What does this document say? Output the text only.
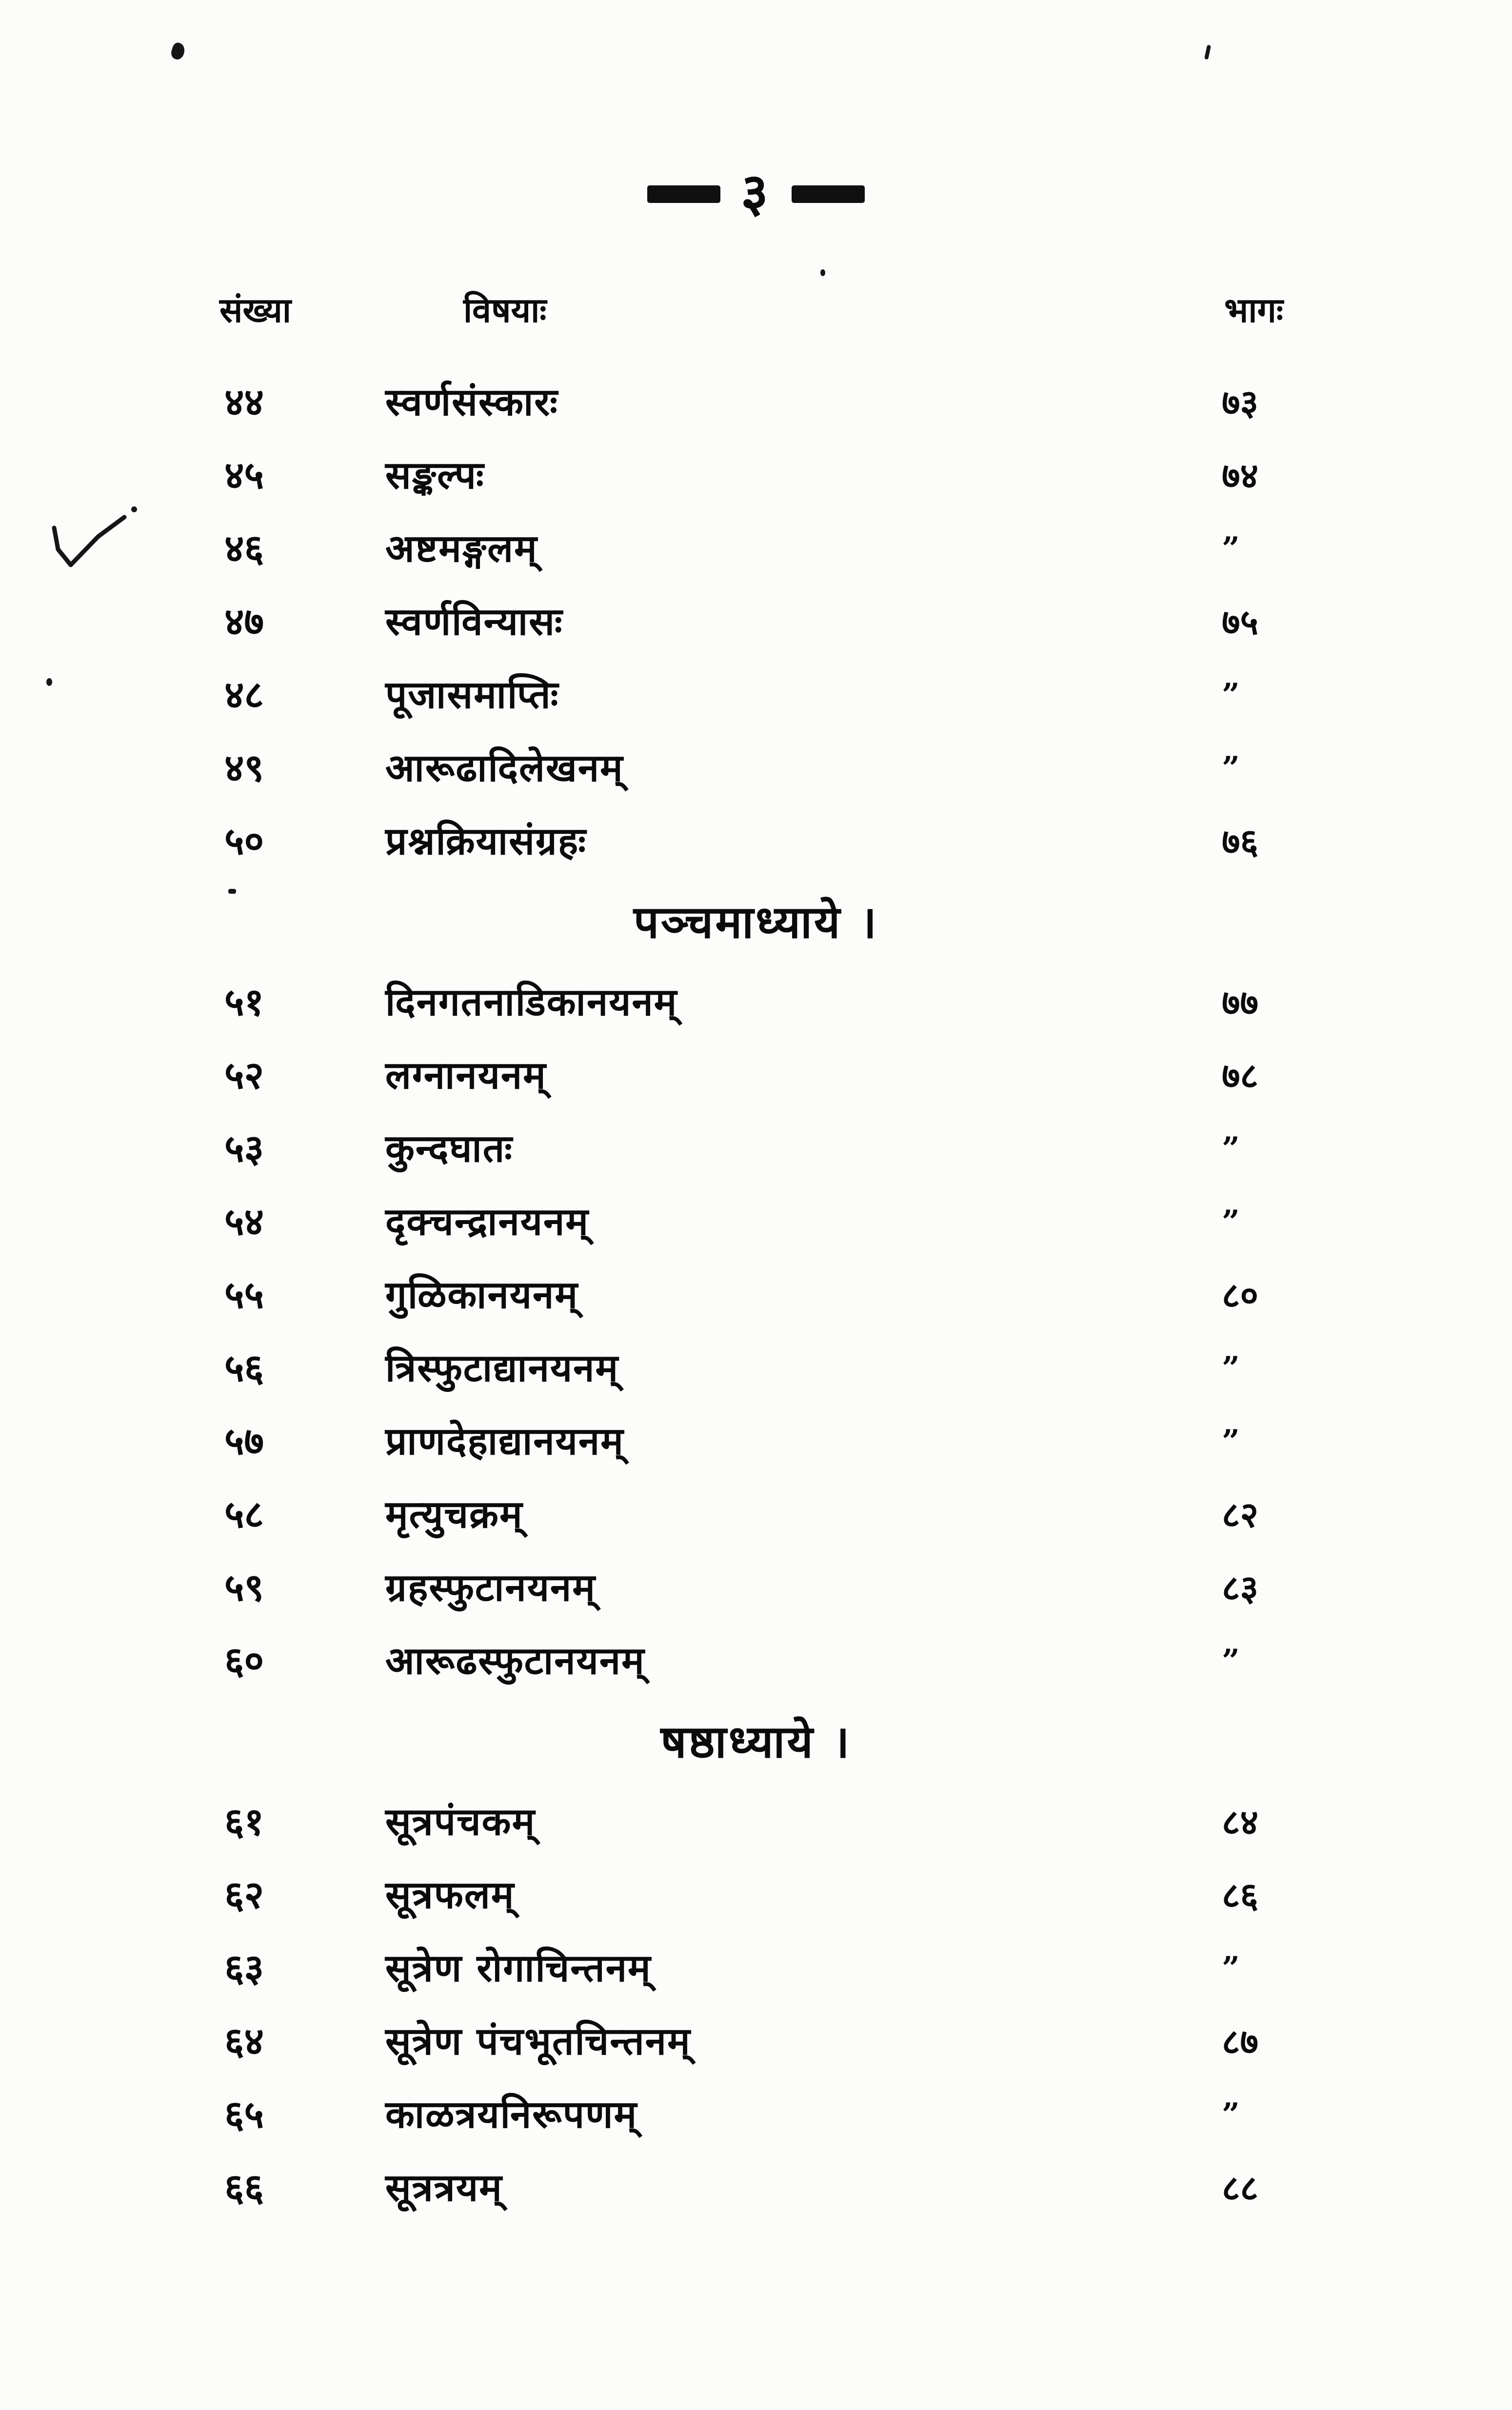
३
संख्या	विषयाः	भागः
४४	स्वर्णसंस्कारः	७३
४५	सङ्कल्पः	७४
४६	अष्टमङ्गलम्	”
४७	स्वर्णविन्यासः	७५
४८	पूजासमाप्तिः	”
४९	आरूढादिलेखनम्	”
५०	प्रश्नक्रियासंग्रहः	७६
पञ्चमाध्याये ।
५१	दिनगतनाडिकानयनम्	७७
५२	लग्नानयनम्	७८
५३	कुन्दघातः	”
५४	दृक्चन्द्रानयनम्	”
५५	गुळिकानयनम्	८०
५६	त्रिस्फुटाद्यानयनम्	”
५७	प्राणदेहाद्यानयनम्	”
५८	मृत्युचक्रम्	८२
५९	ग्रहस्फुटानयनम्	८३
६०	आरूढस्फुटानयनम्	”
षष्ठाध्याये ।
६१	सूत्रपंचकम्	८४
६२	सूत्रफलम्	८६
६३	सूत्रेण रोगाचिन्तनम्	”
६४	सूत्रेण पंचभूतचिन्तनम्	८७
६५	काळत्रयनिरूपणम्	”
६६	सूत्रत्रयम्	८८
